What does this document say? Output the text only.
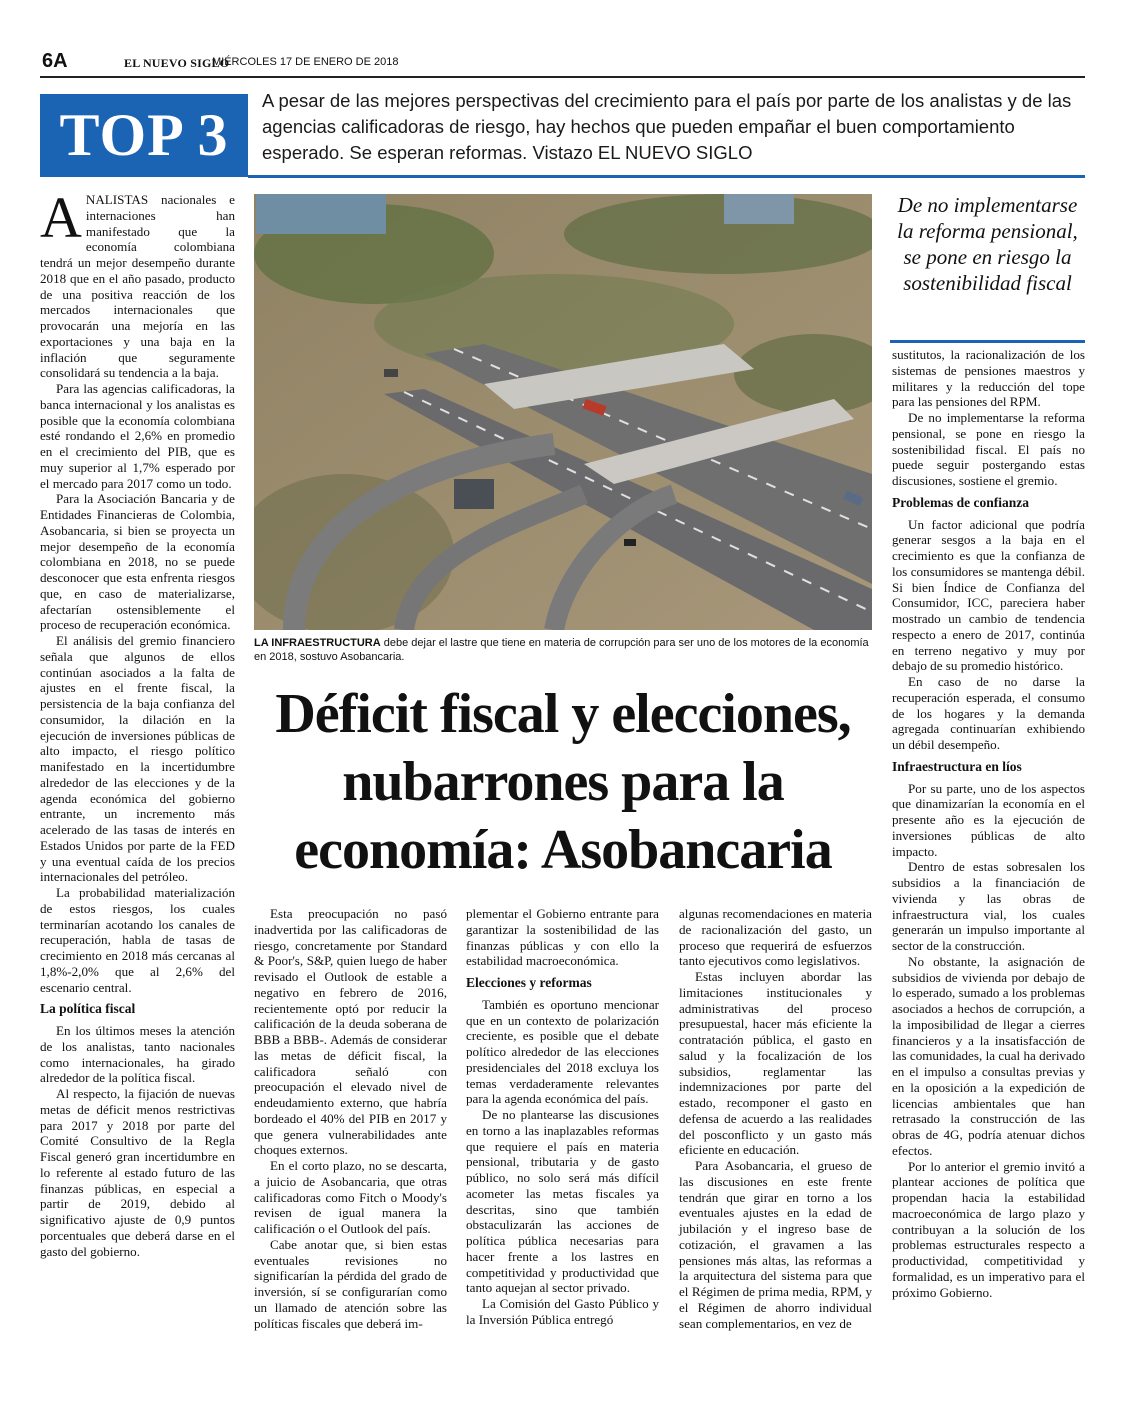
6A	EL NUEVO SIGLO
MIÉRCOLES 17 DE ENERO DE 2018
TOP 3
A pesar de las mejores perspectivas del crecimiento para el país por parte de los analistas y de las agencias calificadoras de riesgo, hay hechos que pueden empañar el buen comportamiento esperado. Se esperan reformas. Vistazo EL NUEVO SIGLO

ANALISTAS nacionales e internaciones han manifestado que la economía colombiana tendrá un mejor desempeño durante 2018 que en el año pasado, producto de una positiva reacción de los mercados internacionales que provocarán una mejoría en las exportaciones y una baja en la inflación que seguramente consolidará su tendencia a la baja.

Para las agencias calificadoras, la banca internacional y los analistas es posible que la economía colombiana esté rondando el 2,6% en promedio en el crecimiento del PIB, que es muy superior al 1,7% esperado por el mercado para 2017 como un todo.

Para la Asociación Bancaria y de Entidades Financieras de Colombia, Asobancaria, si bien se proyecta un mejor desempeño de la economía colombiana en 2018, no se puede desconocer que esta enfrenta riesgos que, en caso de materializarse, afectarían ostensiblemente el proceso de recuperación económica.

El análisis del gremio financiero señala que algunos de ellos continúan asociados a la falta de ajustes en el frente fiscal, la persistencia de la baja confianza del consumidor, la dilación en la ejecución de inversiones públicas de alto impacto, el riesgo político manifestado en la incertidumbre alrededor de las elecciones y de la agenda económica del gobierno entrante, un incremento más acelerado de las tasas de interés en Estados Unidos por parte de la FED y una eventual caída de los precios internacionales del petróleo.

La probabilidad materialización de estos riesgos, los cuales terminarían acotando los canales de recuperación, habla de tasas de crecimiento en 2018 más cercanas al 1,8%-2,0% que al 2,6% del escenario central.

La política fiscal

En los últimos meses la atención de los analistas, tanto nacionales como internacionales, ha girado alrededor de la política fiscal.

Al respecto, la fijación de nuevas metas de déficit menos restrictivas para 2017 y 2018 por parte del Comité Consultivo de la Regla Fiscal generó gran incertidumbre en lo referente al estado futuro de las finanzas públicas, en especial a partir de 2019, debido al significativo ajuste de 0,9 puntos porcentuales que deberá darse en el gasto del gobierno.

LA INFRAESTRUCTURA debe dejar el lastre que tiene en materia de corrupción para ser uno de los motores de la economía en 2018, sostuvo Asobancaria.
Déficit fiscal y elecciones, nubarrones para la economía: Asobancaria
De no implementarse la reforma pensional, se pone en riesgo la sostenibilidad fiscal

Esta preocupación no pasó inadvertida por las calificadoras de riesgo, concretamente por Standard & Poor's, S&P, quien luego de haber revisado el Outlook de estable a negativo en febrero de 2016, recientemente optó por reducir la calificación de la deuda soberana de BBB a BBB-. Además de considerar las metas de déficit fiscal, la calificadora señaló con preocupación el elevado nivel de endeudamiento externo, que habría bordeado el 40% del PIB en 2017 y que genera vulnerabilidades ante choques externos.

En el corto plazo, no se descarta, a juicio de Asobancaria, que otras calificadoras como Fitch o Moody's revisen de igual manera la calificación o el Outlook del país.

Cabe anotar que, si bien estas eventuales revisiones no significarían la pérdida del grado de inversión, sí se configurarían como un llamado de atención sobre las políticas fiscales que deberá im-

plementar el Gobierno entrante para garantizar la sostenibilidad de las finanzas públicas y con ello la estabilidad macroeconómica.

Elecciones y reformas

También es oportuno mencionar que en un contexto de polarización creciente, es posible que el debate político alrededor de las elecciones presidenciales del 2018 excluya los temas verdaderamente relevantes para la agenda económica del país.

De no plantearse las discusiones en torno a las inaplazables reformas que requiere el país en materia pensional, tributaria y de gasto público, no solo será más difícil acometer las metas fiscales ya descritas, sino que también obstaculizarán las acciones de política pública necesarias para hacer frente a los lastres en competitividad y productividad que tanto aquejan al sector privado.

La Comisión del Gasto Público y la Inversión Pública entregó

algunas recomendaciones en materia de racionalización del gasto, un proceso que requerirá de esfuerzos tanto ejecutivos como legislativos.

Estas incluyen abordar las limitaciones institucionales y administrativas del proceso presupuestal, hacer más eficiente la contratación pública, el gasto en salud y la focalización de los subsidios, reglamentar las indemnizaciones por parte del estado, recomponer el gasto en defensa de acuerdo a las realidades del posconflicto y un gasto más eficiente en educación.

Para Asobancaria, el grueso de las discusiones en este frente tendrán que girar en torno a los eventuales ajustes en la edad de jubilación y el ingreso base de cotización, el gravamen a las pensiones más altas, las reformas a la arquitectura del sistema para que el Régimen de prima media, RPM, y el Régimen de ahorro individual sean complementarios, en vez de

sustitutos, la racionalización de los sistemas de pensiones maestros y militares y la reducción del tope para las pensiones del RPM.

De no implementarse la reforma pensional, se pone en riesgo la sostenibilidad fiscal. El país no puede seguir postergando estas discusiones, sostiene el gremio.

Problemas de confianza

Un factor adicional que podría generar sesgos a la baja en el crecimiento es que la confianza de los consumidores se mantenga débil. Si bien Índice de Confianza del Consumidor, ICC, pareciera haber mostrado un cambio de tendencia respecto a enero de 2017, continúa en terreno negativo y muy por debajo de su promedio histórico.

En caso de no darse la recuperación esperada, el consumo de los hogares y la demanda agregada continuarían exhibiendo un débil desempeño.

Infraestructura en líos

Por su parte, uno de los aspectos que dinamizarían la economía en el presente año es la ejecución de inversiones públicas de alto impacto.

Dentro de estas sobresalen los subsidios a la financiación de vivienda y las obras de infraestructura vial, los cuales generarán un impulso importante al sector de la construcción.

No obstante, la asignación de subsidios de vivienda por debajo de lo esperado, sumado a los problemas asociados a hechos de corrupción, a la imposibilidad de llegar a cierres financieros y a la insatisfacción de las comunidades, la cual ha derivado en el impulso a consultas previas y en la oposición a la expedición de licencias ambientales que han retrasado la construcción de las obras de 4G, podría atenuar dichos efectos.

Por lo anterior el gremio invitó a plantear acciones de política que propendan hacia la estabilidad macroeconómica de largo plazo y contribuyan a la solución de los problemas estructurales respecto a productividad, competitividad y formalidad, es un imperativo para el próximo Gobierno.
